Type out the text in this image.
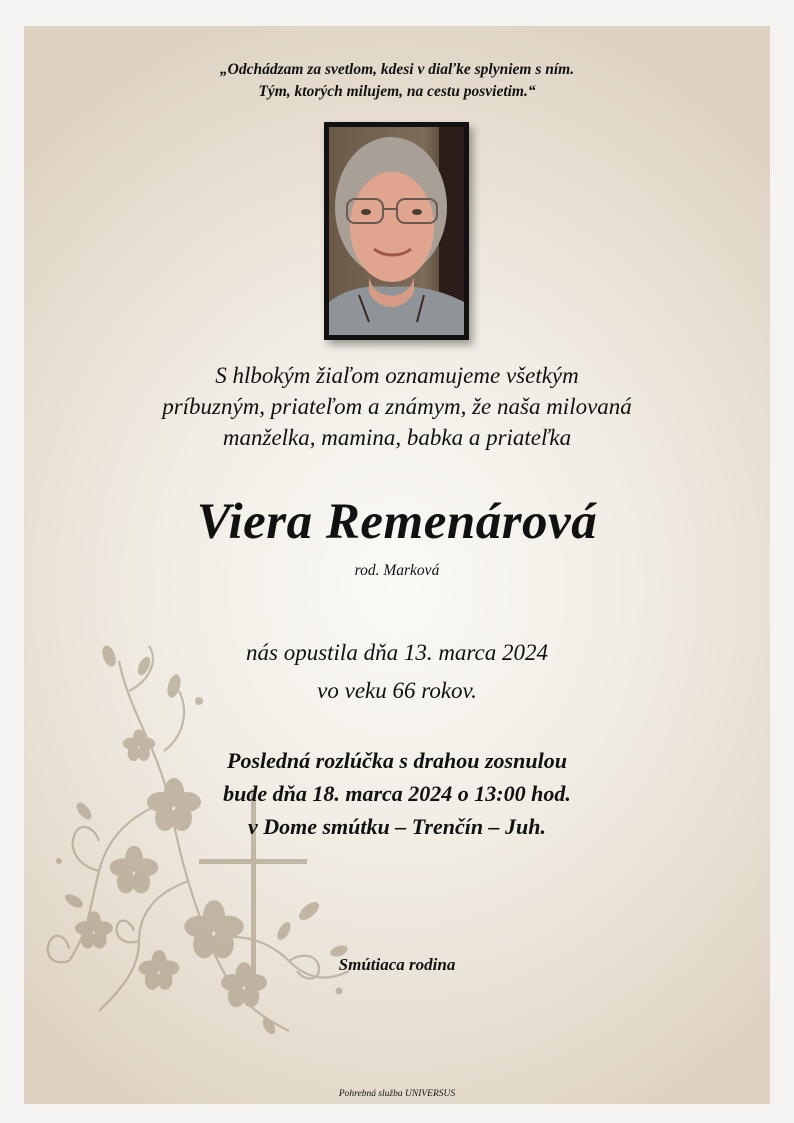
„Odchádzam za svetlom, kdesi v diaľke splyniem s ním.
Tým, ktorých milujem, na cestu posvietim.“
S hlbokým žiaľom oznamujeme všetkým
príbuzným, priateľom a známym, že naša milovaná
manželka, mamina, babka a priateľka
Viera Remenárová
rod. Marková
nás opustila dňa 13. marca 2024
vo veku 66 rokov.
Posledná rozlúčka s drahou zosnulou
bude dňa 18. marca 2024 o 13:00 hod.
v Dome smútku – Trenčín – Juh.
Smútiaca rodina
Pohrebná služba UNIVERSUS
